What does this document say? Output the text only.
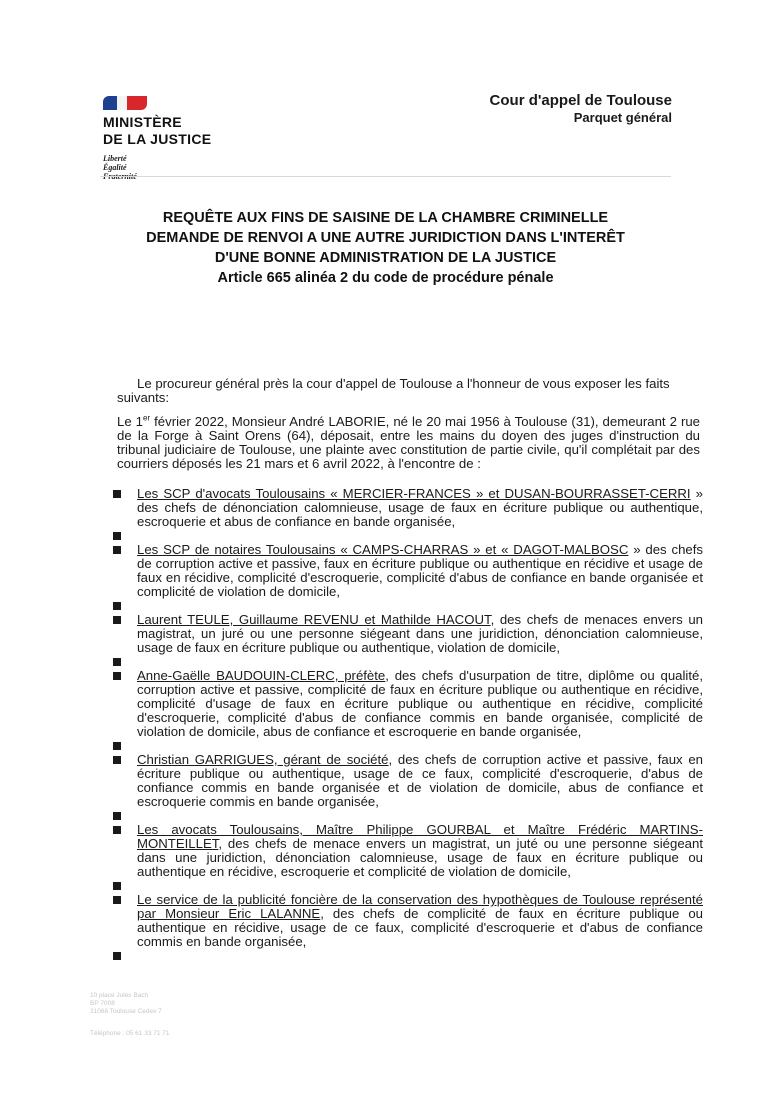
MINISTÈRE
DE LA JUSTICE
Liberté
Égalité
Cour d'appel de Toulouse
Parquet général
REQUÊTE AUX FINS DE SAISINE DE LA CHAMBRE CRIMINELLE
DEMANDE DE RENVOI A UNE AUTRE JURIDICTION DANS L'INTERÊT
D'UNE BONNE ADMINISTRATION DE LA JUSTICE
Article 665 alinéa 2 du code de procédure pénale
Le procureur général près la cour d'appel de Toulouse a l'honneur de vous exposer les faits
suivants:
Le 1er février 2022, Monsieur André LABORIE, né le 20 mai 1956 à Toulouse (31), demeurant 2 rue de la Forge à Saint Orens (64), déposait, entre les mains du doyen des juges d'instruction du tribunal judiciaire de Toulouse, une plainte avec constitution de partie civile, qu'il complétait par des courriers déposés les 21 mars et 6 avril 2022, à l'encontre de :
Les SCP d'avocats Toulousains « MERCIER-FRANCES » et DUSAN-BOURRASSET-CERRI » des chefs de dénonciation calomnieuse, usage de faux en écriture publique ou authentique, escroquerie et abus de confiance en bande organisée,
Les SCP de notaires Toulousains « CAMPS-CHARRAS » et « DAGOT-MALBOSC » des chefs de corruption active et passive, faux en écriture publique ou authentique en récidive et usage de faux en récidive, complicité d'escroquerie, complicité d'abus de confiance en bande organisée et complicité de violation de domicile,
Laurent TEULE, Guillaume REVENU et Mathilde HACOUT, des chefs de menaces envers un magistrat, un juré ou une personne siégeant dans une juridiction, dénonciation calomnieuse, usage de faux en écriture publique ou authentique, violation de domicile,
Anne-Gaëlle BAUDOUIN-CLERC, préfète, des chefs d'usurpation de titre, diplôme ou qualité, corruption active et passive, complicité de faux en écriture publique ou authentique en récidive, complicité d'usage de faux en écriture publique ou authentique en récidive, complicité d'escroquerie, complicité d'abus de confiance commis en bande organisée, complicité de violation de domicile, abus de confiance et escroquerie en bande organisée,
Christian GARRIGUES, gérant de société, des chefs de corruption active et passive, faux en écriture publique ou authentique, usage de ce faux, complicité d'escroquerie, d'abus de confiance commis en bande organisée et de violation de domicile, abus de confiance et escroquerie commis en bande organisée,
Les avocats Toulousains, Maître Philippe GOURBAL et Maître Frédéric MARTINS-MONTEILLET, des chefs de menace envers un magistrat, un juté ou une personne siégeant dans une juridiction, dénonciation calomnieuse, usage de faux en écriture publique ou authentique en récidive, escroquerie et complicité de violation de domicile,
Le service de la publicité foncière de la conservation des hypothèques de Toulouse représenté par Monsieur Eric LALANNE, des chefs de complicité de faux en écriture publique ou authentique en récidive, usage de ce faux, complicité d'escroquerie et d'abus de confiance commis en bande organisée,
10 place Jules Bach
BP 7008
31068 Toulouse Cedex 7
Téléphone : 05 61 33 71 71
